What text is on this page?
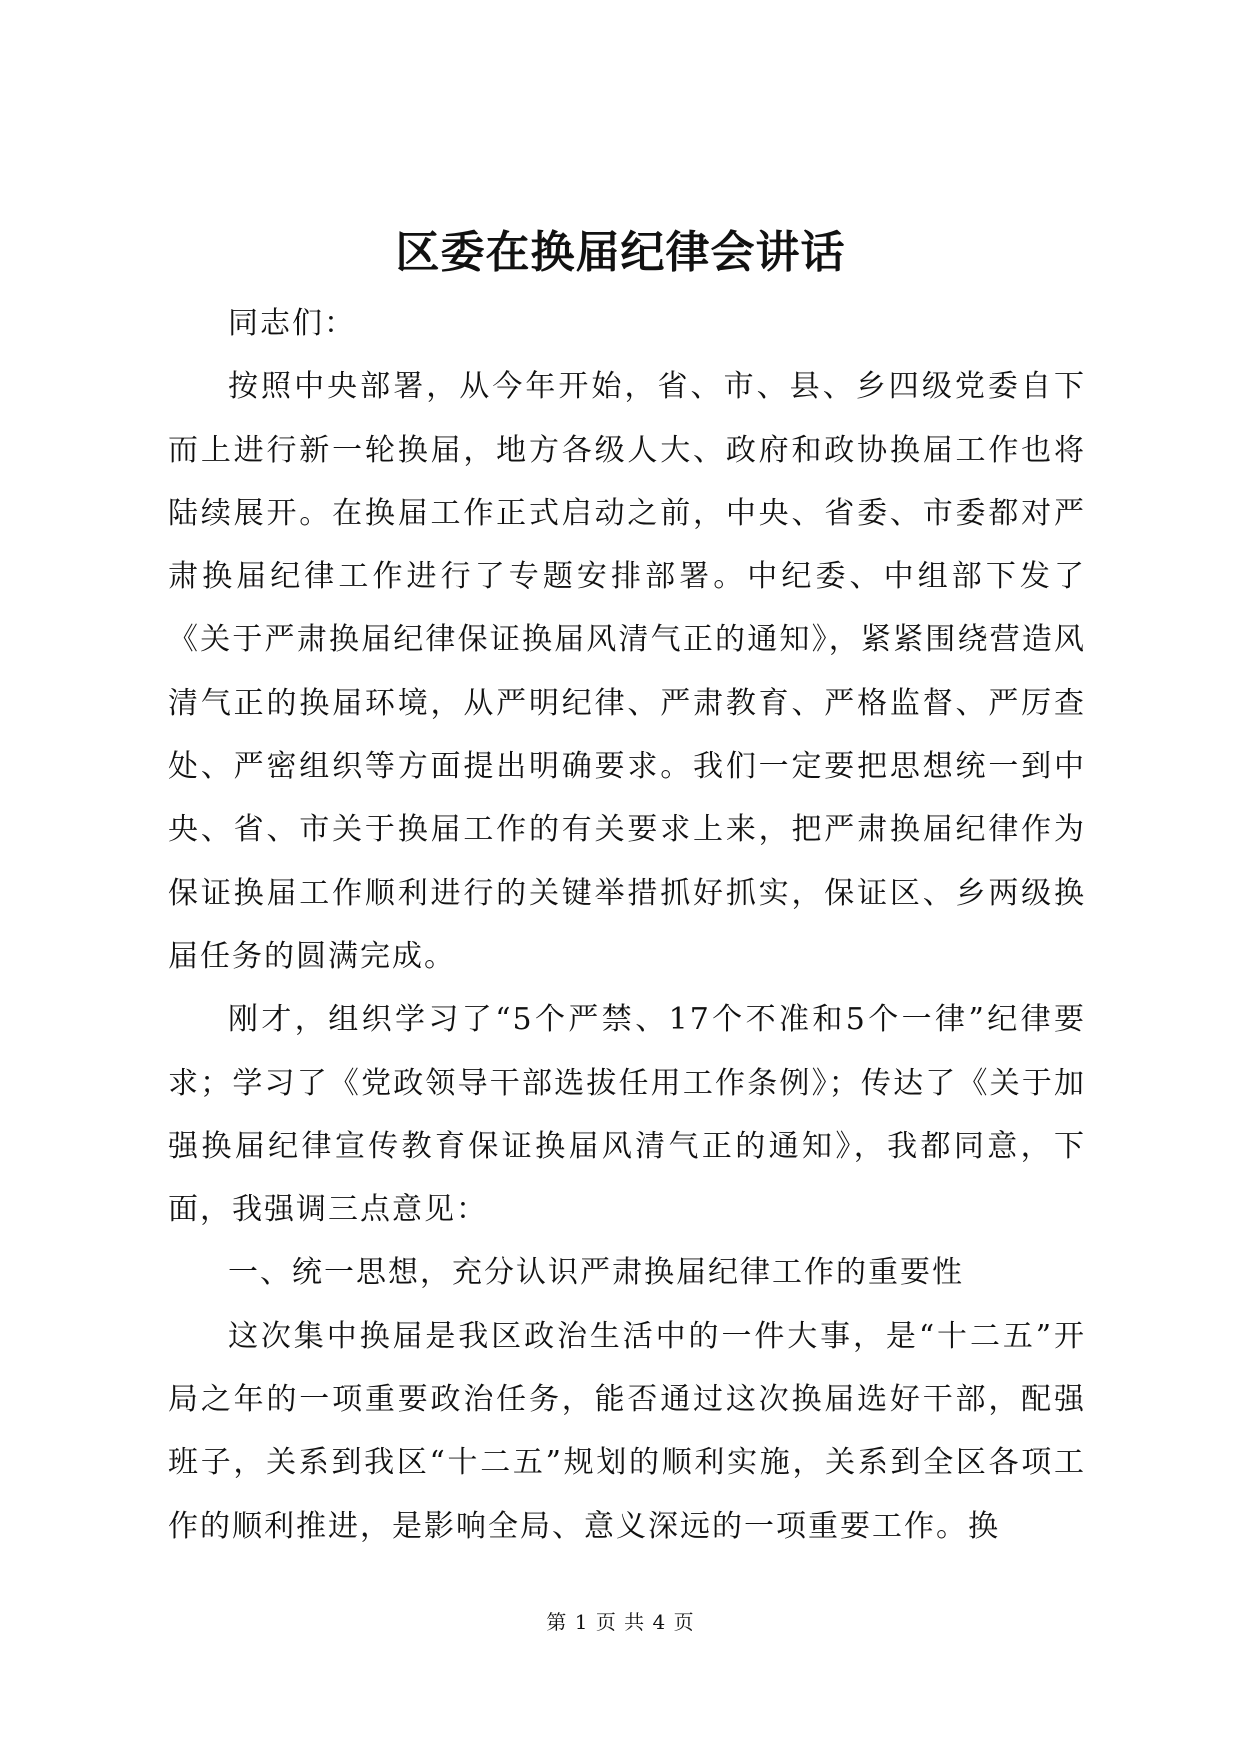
区委在换届纪律会讲话

同志们：

按照中央部署，从今年开始，省、市、县、乡四级党委自下而上进行新一轮换届，地方各级人大、政府和政协换届工作也将陆续展开。在换届工作正式启动之前，中央、省委、市委都对严肃换届纪律工作进行了专题安排部署。中纪委、中组部下发了《关于严肃换届纪律保证换届风清气正的通知》，紧紧围绕营造风清气正的换届环境，从严明纪律、严肃教育、严格监督、严厉查处、严密组织等方面提出明确要求。我们一定要把思想统一到中央、省、市关于换届工作的有关要求上来，把严肃换届纪律作为保证换届工作顺利进行的关键举措抓好抓实，保证区、乡两级换届任务的圆满完成。

刚才，组织学习了“5个严禁、17个不准和5个一律”纪律要求；学习了《党政领导干部选拔任用工作条例》；传达了《关于加强换届纪律宣传教育保证换届风清气正的通知》，我都同意，下面，我强调三点意见：

一、统一思想，充分认识严肃换届纪律工作的重要性

这次集中换届是我区政治生活中的一件大事，是“十二五”开局之年的一项重要政治任务，能否通过这次换届选好干部，配强班子，关系到我区“十二五”规划的顺利实施，关系到全区各项工作的顺利推进，是影响全局、意义深远的一项重要工作。换

第 1 页 共 4 页
